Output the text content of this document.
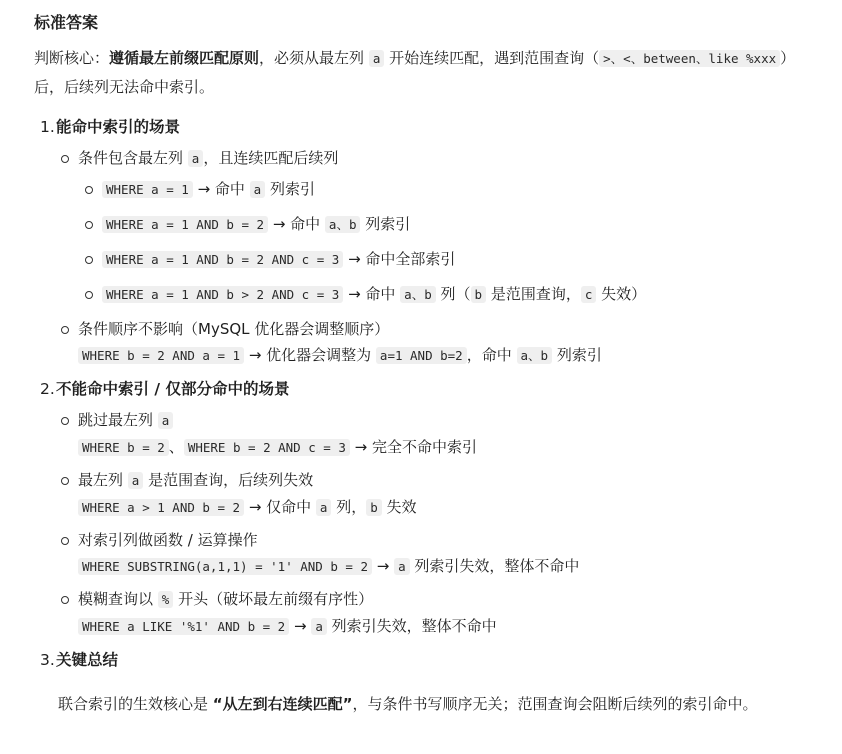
标准答案

判断核心：遵循最左前缀匹配原则，必须从最左列 a 开始连续匹配，遇到范围查询（ >、<、between、like %xxx ）后，后续列无法命中索引。

1. 能命中索引的场景
条件包含最左列 a ，且连续匹配后续列
WHERE a = 1 → 命中 a 列索引
WHERE a = 1 AND b = 2 → 命中 a、b 列索引
WHERE a = 1 AND b = 2 AND c = 3 → 命中全部索引
WHERE a = 1 AND b > 2 AND c = 3 → 命中 a、b 列（ b 是范围查询， c 失效）
条件顺序不影响（MySQL 优化器会调整顺序）
WHERE b = 2 AND a = 1 → 优化器会调整为 a=1 AND b=2 ，命中 a、b 列索引
2. 不能命中索引 / 仅部分命中的场景
跳过最左列 a
WHERE b = 2 、 WHERE b = 2 AND c = 3 → 完全不命中索引
最左列 a 是范围查询，后续列失效
WHERE a > 1 AND b = 2 → 仅命中 a 列， b 失效
对索引列做函数 / 运算操作
WHERE SUBSTRING(a,1,1) = '1' AND b = 2 → a 列索引失效，整体不命中
模糊查询以 % 开头（破坏最左前缀有序性）
WHERE a LIKE '%1' AND b = 2 → a 列索引失效，整体不命中
3. 关键总结

联合索引的生效核心是 “从左到右连续匹配”，与条件书写顺序无关；范围查询会阻断后续列的索引命中。
